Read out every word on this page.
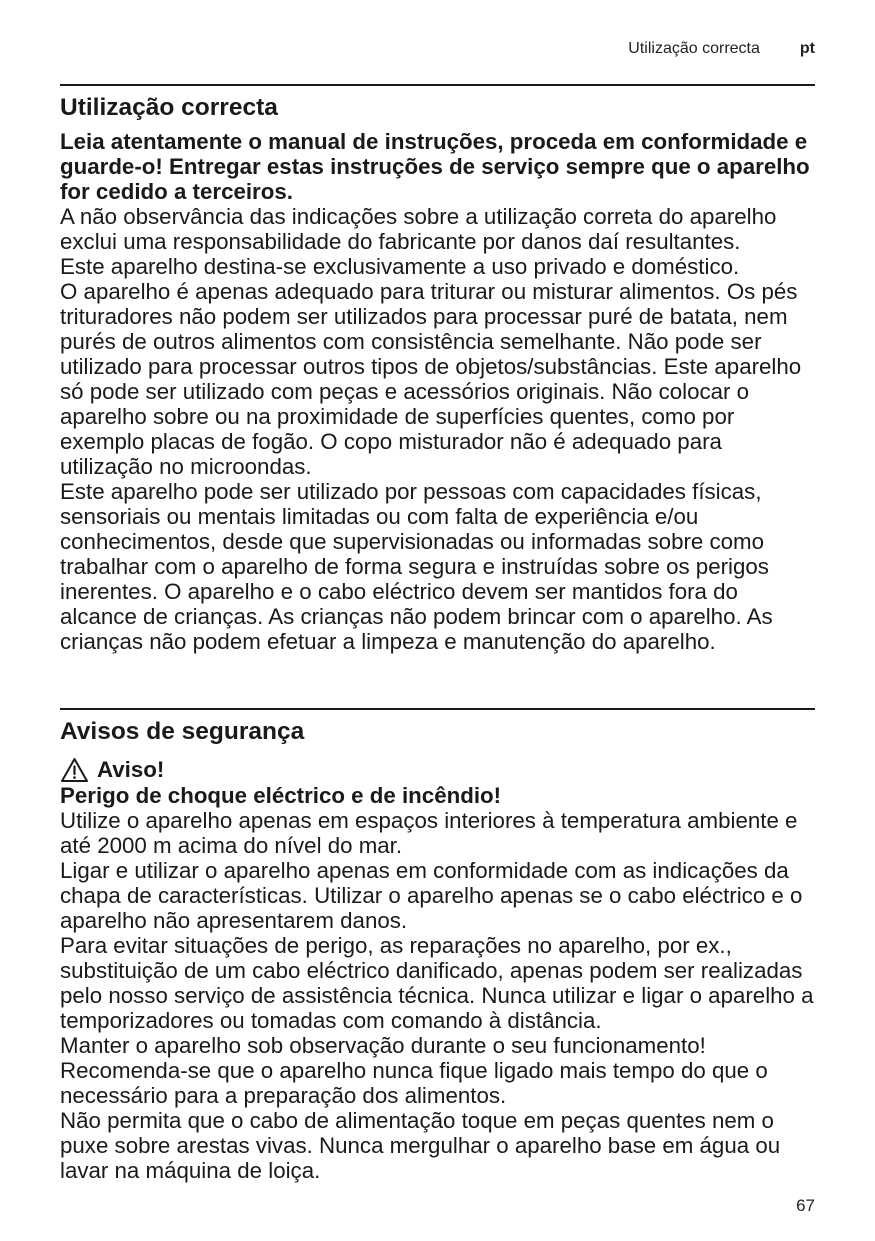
Utilização correcta	pt
Utilização correcta

Leia atentamente o manual de instruções, proceda em conformidade e guarde-o! Entregar estas instruções de serviço sempre que o aparelho for cedido a terceiros.

A não observância das indicações sobre a utilização correta do aparelho exclui uma responsabilidade do fabricante por danos daí resultantes.

Este aparelho destina-se exclusivamente a uso privado e doméstico.

O aparelho é apenas adequado para triturar ou misturar alimentos. Os pés trituradores não podem ser utilizados para processar puré de batata, nem purés de outros alimentos com consistência semelhante. Não pode ser utilizado para processar outros tipos de objetos/substâncias. Este aparelho só pode ser utilizado com peças e acessórios originais. Não colocar o aparelho sobre ou na proximidade de superfícies quentes, como por exemplo placas de fogão. O copo misturador não é adequado para utilização no microondas.

Este aparelho pode ser utilizado por pessoas com capacidades físicas, sensoriais ou mentais limitadas ou com falta de experiência e/ou conhecimentos, desde que supervisionadas ou informadas sobre como trabalhar com o aparelho de forma segura e instruídas sobre os perigos inerentes. O aparelho e o cabo eléctrico devem ser mantidos fora do alcance de crianças. As crianças não podem brincar com o aparelho. As crianças não podem efetuar a limpeza e manutenção do aparelho.

Avisos de segurança
Aviso!

Perigo de choque eléctrico e de incêndio!

Utilize o aparelho apenas em espaços interiores à temperatura ambiente e até 2000 m acima do nível do mar.

Ligar e utilizar o aparelho apenas em conformidade com as indicações da chapa de características. Utilizar o aparelho apenas se o cabo eléctrico e o aparelho não apresentarem danos.

Para evitar situações de perigo, as reparações no aparelho, por ex., substituição de um cabo eléctrico danificado, apenas podem ser realizadas pelo nosso serviço de assistência técnica. Nunca utilizar e ligar o aparelho a temporizadores ou tomadas com comando à distância.

Manter o aparelho sob observação durante o seu funcionamento! Recomenda-se que o aparelho nunca fique ligado mais tempo do que o necessário para a preparação dos alimentos.

Não permita que o cabo de alimentação toque em peças quentes nem o puxe sobre arestas vivas. Nunca mergulhar o aparelho base em água ou lavar na máquina de loiça.

67
